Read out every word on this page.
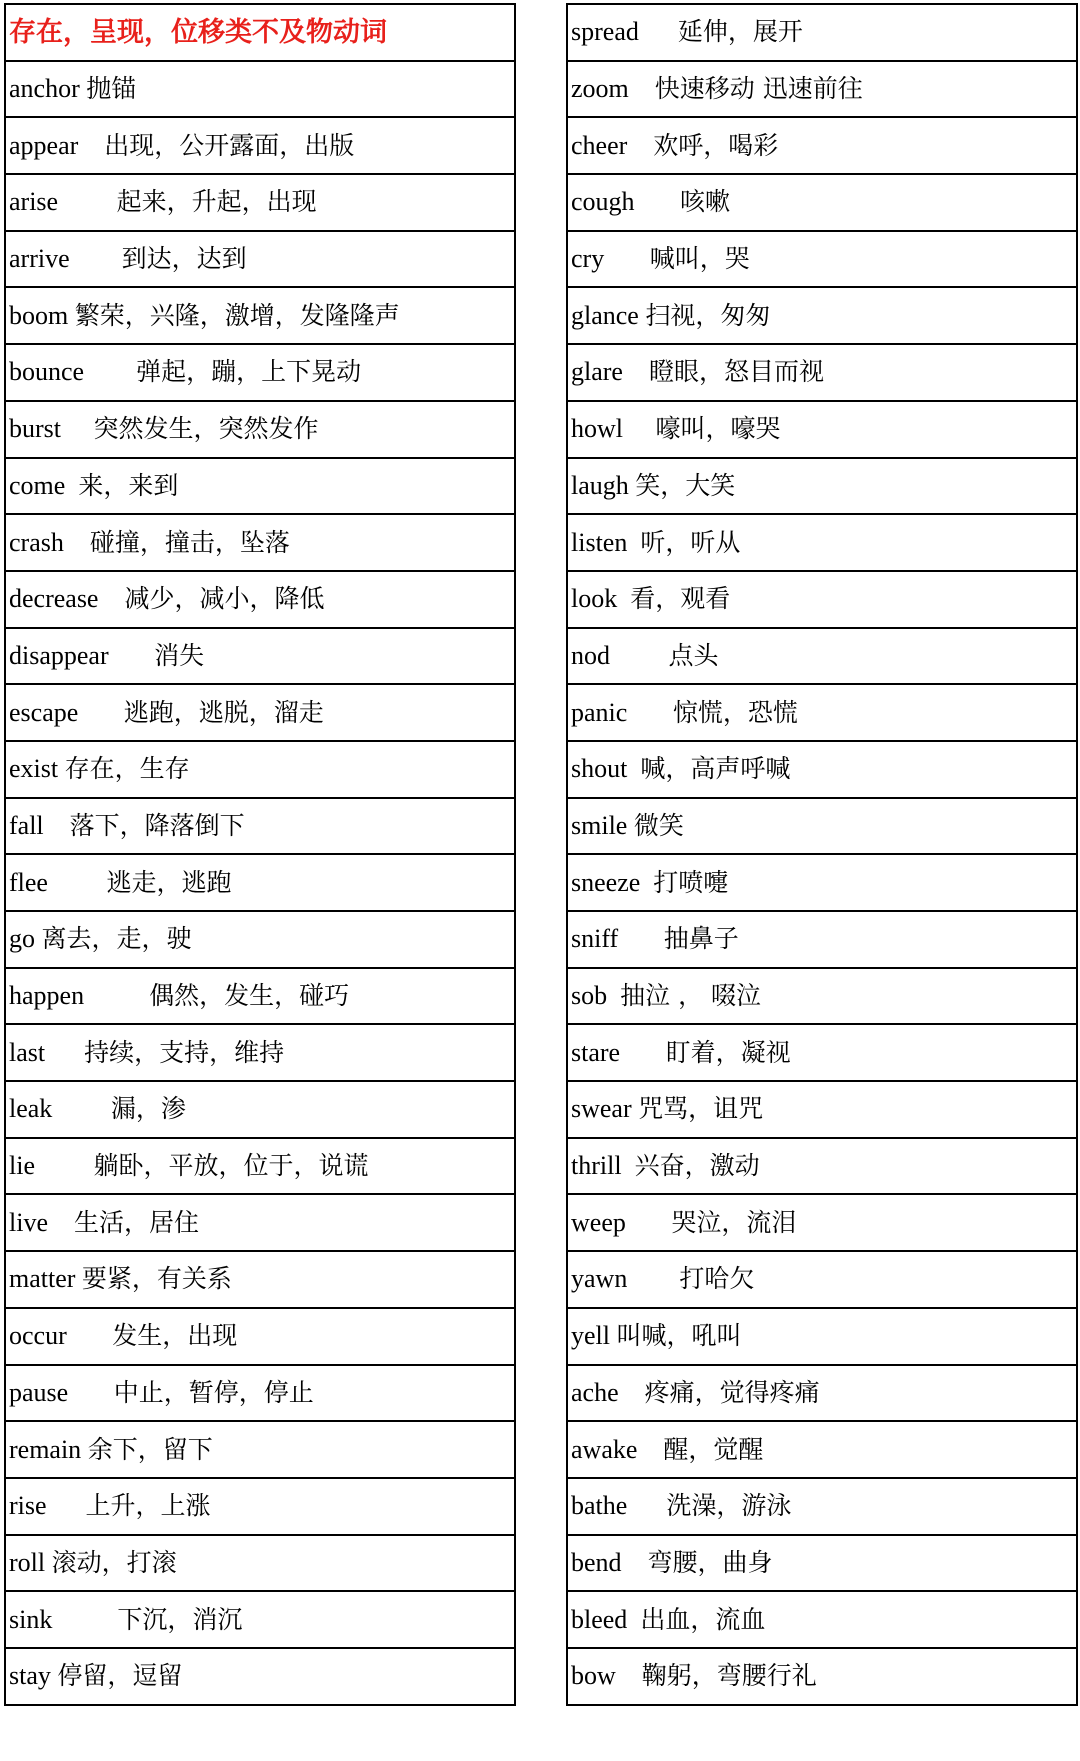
存在，呈现，位移类不及物动词
anchor 抛锚
appear 出现，公开露面，出版
arise 起来，升起，出现
arrive 到达，达到
boom 繁荣，兴隆，激增，发隆隆声
bounce 弹起，蹦，上下晃动
burst 突然发生，突然发作
come 来，来到
crash 碰撞，撞击，坠落
decrease 减少，减小，降低
disappear 消失
escape 逃跑，逃脱，溜走
exist 存在，生存
fall 落下，降落倒下
flee 逃走，逃跑
go 离去，走，驶
happen	偶然，发生，碰巧
last 持续，支持，维持
leak 漏，渗
lie 躺卧，平放，位于，说谎
live 生活，居住
matter 要紧，有关系
occur 发生，出现
pause 中止，暂停，停止
remain 余下，留下
rise 上升，上涨
roll 滚动，打滚
sink	下沉，消沉
stay 停留，逗留
spread 延伸，展开
zoom 快速移动 迅速前往
cheer 欢呼，喝彩
cough 咳嗽
cry 喊叫，哭
glance 扫视，匆匆
glare 瞪眼，怒目而视
howl 嚎叫，嚎哭
laugh 笑，大笑
listen 听，听从
look 看，观看
nod 点头
panic 惊慌，恐慌
shout 喊，高声呼喊
smile 微笑
sneeze 打喷嚏
sniff 抽鼻子
sob 抽泣 ， 啜泣
stare 盯着，凝视
swear 咒骂，诅咒
thrill 兴奋，激动
weep 哭泣，流泪
yawn 打哈欠
yell 叫喊，吼叫
ache 疼痛，觉得疼痛
awake 醒，觉醒
bathe 洗澡，游泳
bend 弯腰，曲身
bleed 出血，流血
bow 鞠躬，弯腰行礼
